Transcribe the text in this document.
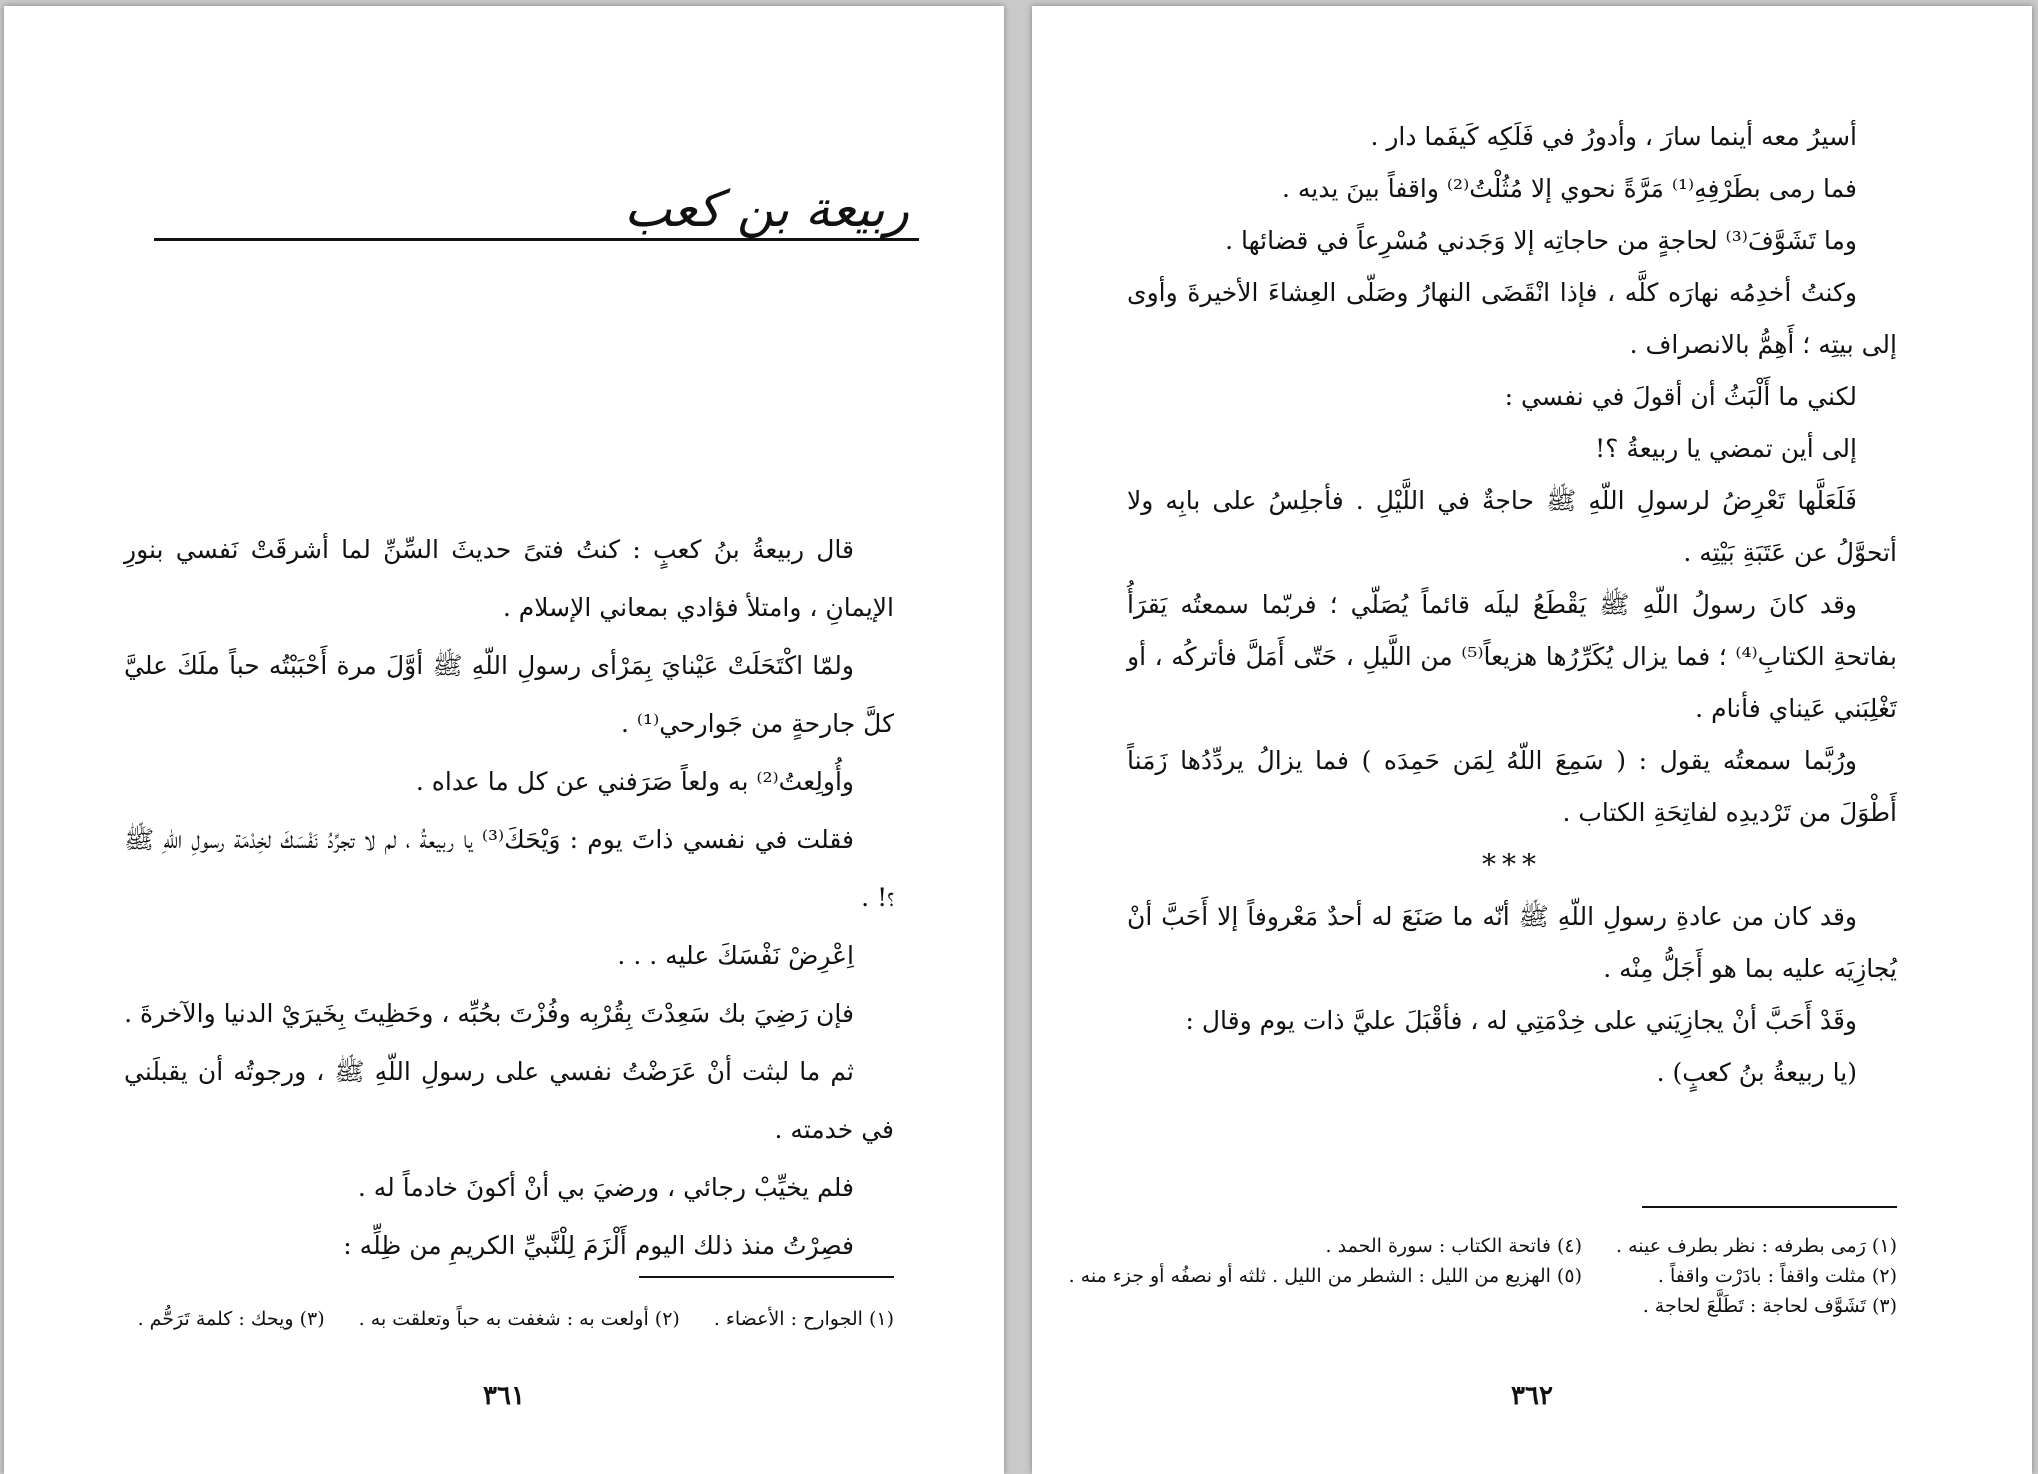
ربيعة بن كعب

قال ربيعةُ بنُ كعبٍ : كنتُ فتىً حديثَ السِّنِّ لما أشرقَتْ نَفسي بنورِ الإيمانِ ، وامتلأ فؤادي بمعاني الإسلام .

ولمّا اكْتَحَلَتْ عَيْنايَ بِمَرْأى رسولِ اللّهِ ﷺ أوَّلَ مرة أَحْبَبْتُه حباً ملَكَ عليَّ كلَّ جارحةٍ من جَوارحي⁽¹⁾ .

وأُولِعتُ⁽²⁾ به ولعاً صَرَفني عن كل ما عداه .

فقلت في نفسي ذاتَ يوم : وَيْحَكَ⁽³⁾ يا ربيعةُ ، لم لا تجرِّدُ نَفْسَكَ لخِدْمَة رسولِ اللّهِ ﷺ ؟! .

اِعْرِضْ نَفْسَكَ عليه . . .

فإن رَضِيَ بك سَعِدْتَ بِقُرْبِه وفُزْتَ بحُبِّه ، وحَظِيتَ بِخَيرَيْ الدنيا والآخرةَ .

ثم ما لبثت أنْ عَرَضْتُ نفسي على رسولِ اللّهِ ﷺ ، ورجوتُه أن يقبلَني في خدمته .

فلم يخيِّبْ رجائي ، ورضيَ بي أنْ أكونَ خادماً له .

فصِرْتُ منذ ذلك اليوم أَلْزَمَ لِلْنَّبيِّ الكريمِ من ظِلِّه :

(١) الجوارح : الأعضاء .
(٢) أولعت به : شغفت به حباً وتعلقت به .
(٣) ويحك : كلمة تَرَحُّم .
٣٦١

أسيرُ معه أينما سارَ ، وأدورُ في فَلَكِه كَيفَما دار .

فما رمى بطَرْفِهِ⁽¹⁾ مَرَّةً نحوي إلا مُثُلْتُ⁽²⁾ واقفاً بينَ يديه .

وما تَشَوَّفَ⁽³⁾ لحاجةٍ من حاجاتِه إلا وَجَدني مُسْرِعاً في قضائها .

وكنتُ أخدِمُه نهارَه كلَّه ، فإذا انْقَضَى النهارُ وصَلّى العِشاءَ الأخيرةَ وأوى إلى بيتِه ؛ أَهِمُّ بالانصراف .

لكني ما أَلْبَثُ أن أقولَ في نفسي :

إلى أين تمضي يا ربيعةُ ؟!

فَلَعَلَّها تَعْرِضُ لرسولِ اللّهِ ﷺ حاجةٌ في اللَّيْلِ . فأجلِسُ على بابِه ولا أتحوَّلُ عن عَتَبَةِ بَيْتِه .

وقد كانَ رسولُ اللّهِ ﷺ يَقْطَعُ ليلَه قائماً يُصَلّي ؛ فربّما سمعتُه يَقرَأُ بفاتحةِ الكتابِ⁽⁴⁾ ؛ فما يزال يُكَرِّرُها هزيعاً⁽⁵⁾ من اللَّيلِ ، حَتّى أَمَلَّ فأتركُه ، أو تَغْلِبَني عَيناي فأنام .

ورُبَّما سمعتُه يقول : ( سَمِعَ اللّهُ لِمَن حَمِدَه ) فما يزالُ يردِّدُها زَمَناً أَطْوَلَ من تَرْديدِه لفاتِحَةِ الكتاب .

***

وقد كان من عادةِ رسولِ اللّهِ ﷺ أنّه ما صَنَعَ له أحدٌ مَعْروفاً إلا أَحَبَّ أنْ يُجازِيَه عليه بما هو أَجَلُّ مِنْه .

وقَدْ أَحَبَّ أنْ يجازِيَني على خِدْمَتِي له ، فأقْبَلَ عليَّ ذات يوم وقال :

(يا ربيعةُ بنُ كعبٍ) .

(١) رَمى بطرفه : نظر بطرف عينه .
(٢) مثلت واقفاً : بادَرْت واقفاً .
(٣) تَشَوَّف لحاجة : تَطَلَّعَ لحاجة .
(٤) فاتحة الكتاب : سورة الحمد .
(٥) الهزيع من الليل : الشطر من الليل . ثلثه أو نصفُه أو جزء منه .
٣٦٢
